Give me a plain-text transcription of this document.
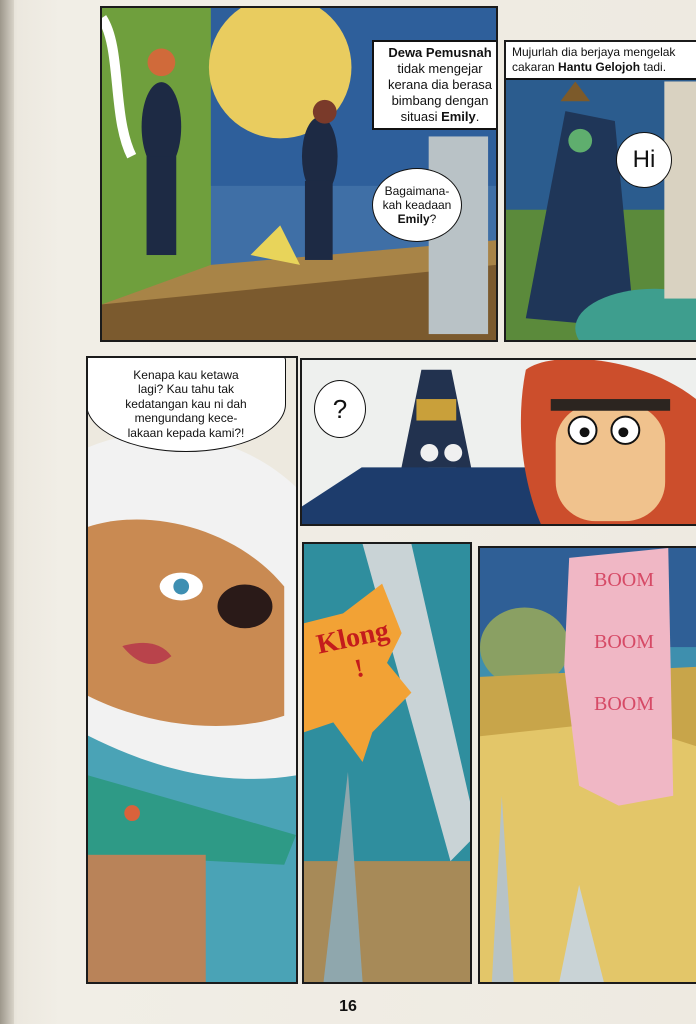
Dewa Pemusnah
tidak mengejar
kerana dia berasa
bimbang dengan
situasi Emily.
Bagaimana-
kah keadaan
Emily?
Mujurlah dia berjaya mengelak
cakaran Hantu Gelojoh tadi.
Hi
Kenapa kau ketawa
lagi? Kau tahu tak
kedatangan kau ni dah
mengundang kece-
lakaan kepada kami?!
?
Klong
!
BOOM
BOOM
BOOM
16
